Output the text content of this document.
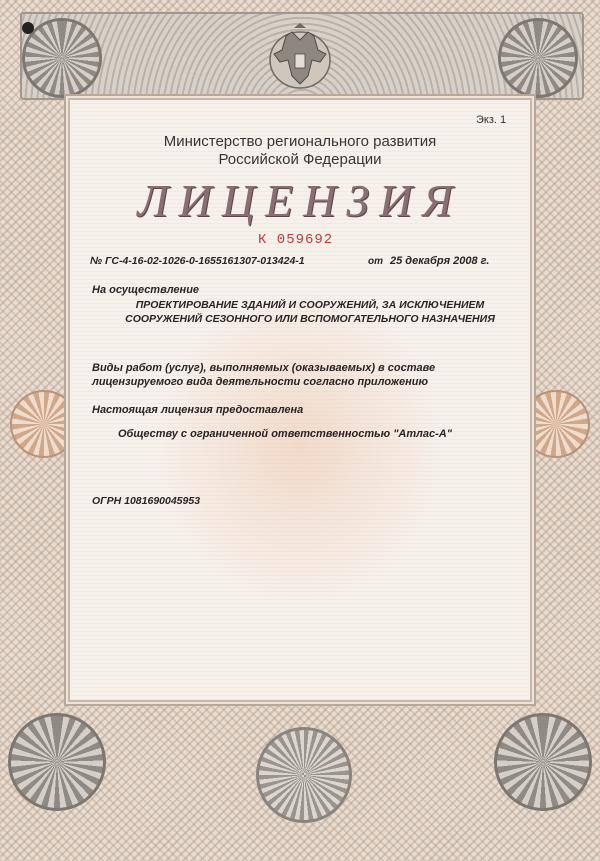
Экз. 1
Министерство регионального развития
Российской Федерации
ЛИЦЕНЗИЯ
К 059692
№ ГС-4-16-02-1026-0-1655161307-013424-1	от 25 декабря 2008 г.
На осуществление
ПРОЕКТИРОВАНИЕ ЗДАНИЙ И СООРУЖЕНИЙ, ЗА ИСКЛЮЧЕНИЕМ
СООРУЖЕНИЙ СЕЗОННОГО ИЛИ ВСПОМОГАТЕЛЬНОГО НАЗНАЧЕНИЯ
Виды работ (услуг), выполняемых (оказываемых) в составе
лицензируемого вида деятельности согласно приложению
Настоящая лицензия предоставлена
Обществу с ограниченной ответственностью "Атлас-А"
ОГРН 1081690045953
